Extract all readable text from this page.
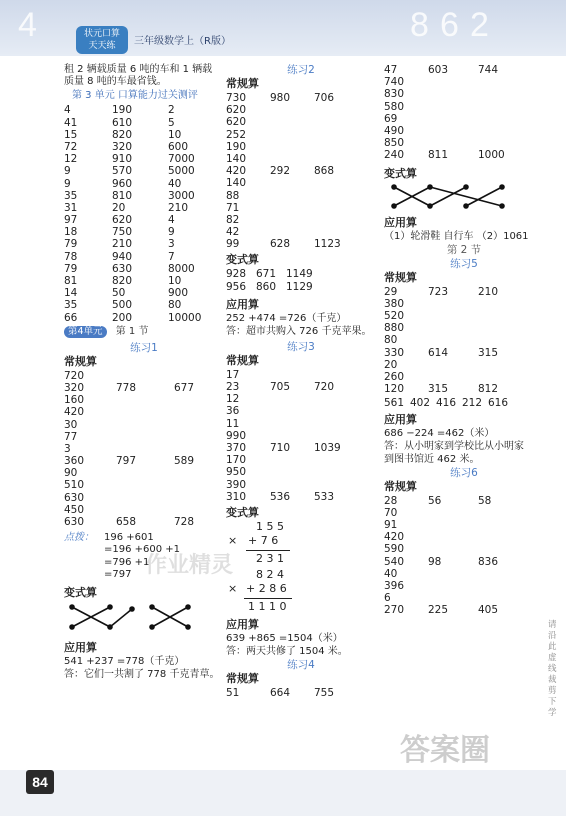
4	8 6 2
状元口算
天天练	三年级数学上（R版）
作业精灵
答案圈
租 2 辆载质量 6 吨的车和 1 辆载
质量 8 吨的车最省钱。
第 3 单元 口算能力过关测评
4	190	2
41	610	5
15	820	10
72	320	600
12	910	7000
9	570	5000
9	960	40
35	810	3000
31	20	210
97	620	4
18	750	9
79	210	3
78	940	7
79	630	8000
81	820	10
14	50	900
35	500	80
66	200	10000
第4单元 第 1 节
练习1
常规算
720
320	778	677
160
420
30
77
3
360	797	589
90
510
630
450
630	658	728
点拨：	196 +601
=196 +600 +1
=796 +1
=797
变式算
应用算
541 +237 =778（千克）
答：它们一共割了 778 千克青草。
练习2
常规算
730	980	706
620
620
252
190
140
420	292	868
140
88
71
82
42
99	628	1123
变式算
928 671 1149
956 860 1129
应用算
252 +474 =726（千克）
答：超市共购入 726 千克苹果。
练习3
常规算
17
23	705	720
12
36
11
990
370	710	1039
170
950
390
310	536	533
变式算
×
1 5 5
+ 7 6
2 3 1
×
8 2 4
+ 2 8 6
1 1 1 0
应用算
639 +865 =1504（米）
答：两天共修了 1504 米。
练习4
常规算
51	664	755
47	603	744
740
830
580
69
490
850
240	811	1000
变式算
应用算
（1）轮滑鞋 自行车 （2）1061
第 2 节
练习5
常规算
29	723	210
380
520
880
80
330	614	315
20
260
120	315	812
561 402 416 212 616
应用算
686 −224 =462（米）
答：从小明家到学校比从小明家
到图书馆近 462 米。
练习6
常规算
28	56	58
70
91
420
590
540	98	836
40
396
6
270	225	405
请沿此虚线裁剪下学
84
